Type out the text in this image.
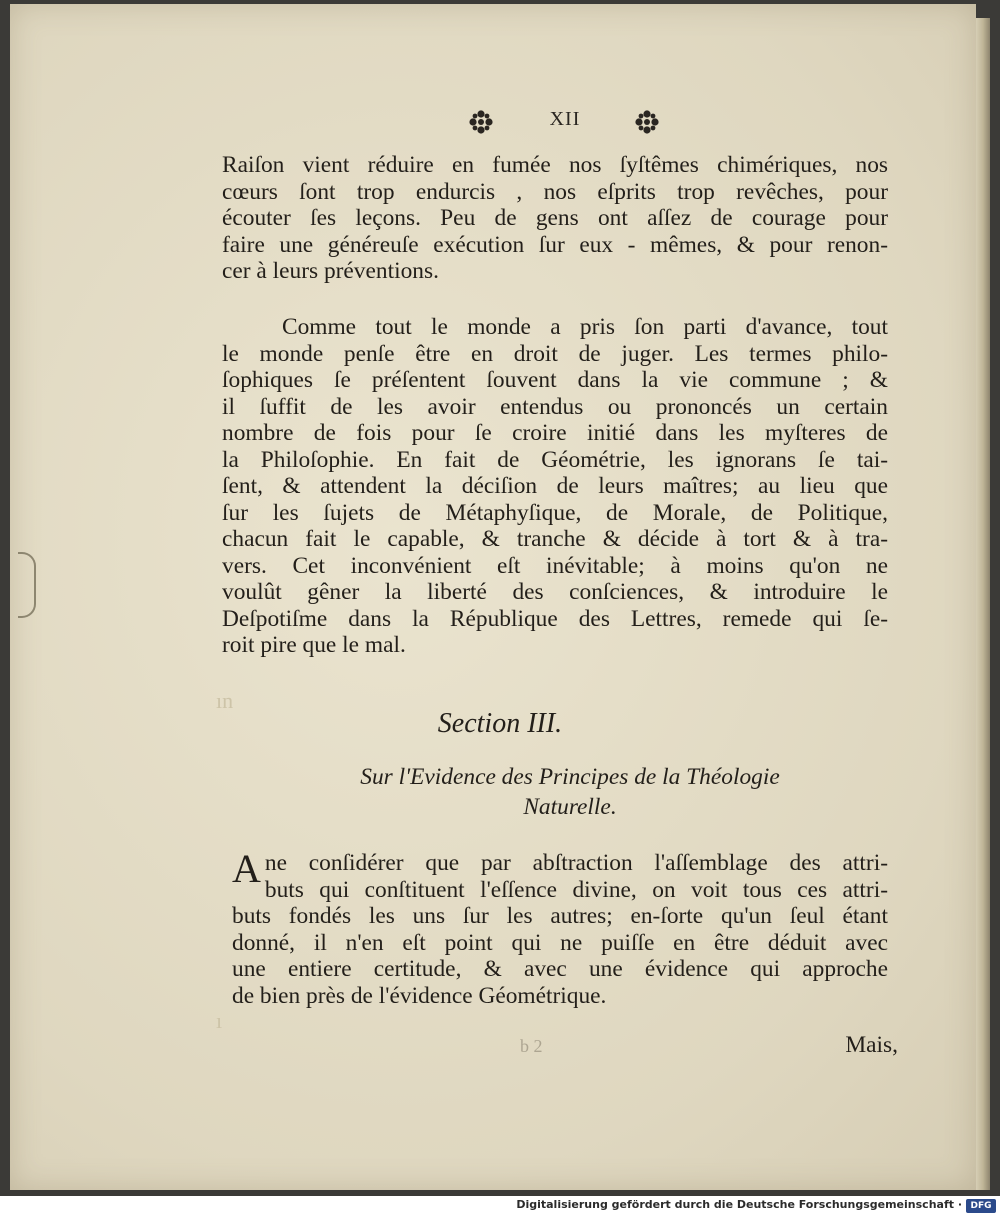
XII
ın
ı
Raiſon vient réduire en fumée nos ſyſtêmes chimériques, nos
cœurs ſont trop endurcis , nos eſprits trop revêches, pour
écouter ſes leçons. Peu de gens ont aſſez de courage pour
faire une généreuſe exécution ſur eux - mêmes, & pour renon-
cer à leurs préventions.
Comme tout le monde a pris ſon parti d'avance, tout
le monde penſe être en droit de juger. Les termes philo-
ſophiques ſe préſentent ſouvent dans la vie commune ; &
il ſuffit de les avoir entendus ou prononcés un certain
nombre de fois pour ſe croire initié dans les myſteres de
la Philoſophie. En fait de Géométrie, les ignorans ſe tai-
ſent, & attendent la déciſion de leurs maîtres; au lieu que
ſur les ſujets de Métaphyſique, de Morale, de Politique,
chacun fait le capable, & tranche & décide à tort & à tra-
vers. Cet inconvénient eſt inévitable; à moins qu'on ne
voulût gêner la liberté des conſciences, & introduire le
Deſpotiſme dans la République des Lettres, remede qui ſe-
roit pire que le mal.
Section III.
Sur l'Evidence des Principes de la Théologie
Naturelle.
A ne conſidérer que par abſtraction l'aſſemblage des attri-
buts qui conſtituent l'eſſence divine, on voit tous ces attri-
buts fondés les uns ſur les autres; en-ſorte qu'un ſeul étant
donné, il n'en eſt point qui ne puiſſe en être déduit avec
une entiere certitude, & avec une évidence qui approche
de bien près de l'évidence Géométrique.
b 2	Mais,
Digitalisierung gefördert durch die Deutsche Forschungsgemeinschaft · DFG
